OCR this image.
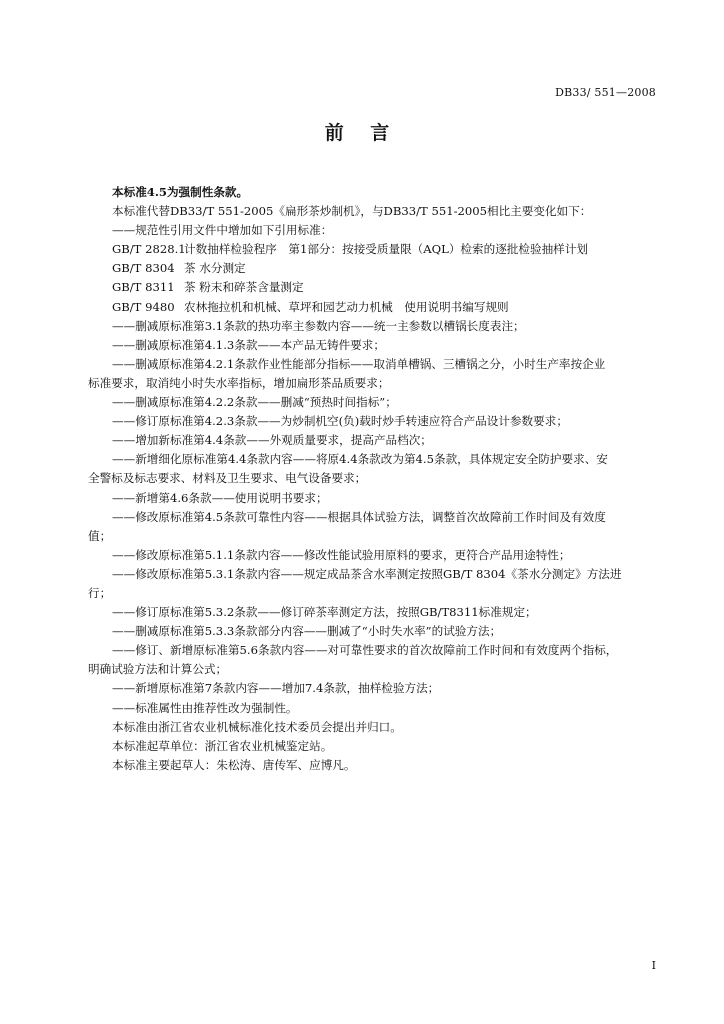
DB33/ 551—2008
前 言
本标准4.5为强制性条款。
本标准代替DB33/T 551-2005《扁形茶炒制机》，与DB33/T 551-2005相比主要变化如下：
——规范性引用文件中增加如下引用标准：
GB/T 2828.1计数抽样检验程序　第1部分：按接受质量限（AQL）检索的逐批检验抽样计划
GB/T 8304 茶 水分测定
GB/T 8311 茶 粉末和碎茶含量测定
GB/T 9480 农林拖拉机和机械、草坪和园艺动力机械　使用说明书编写规则
——删减原标准第3.1条款的热功率主参数内容——统一主参数以槽锅长度表注；
——删减原标准第4.1.3条款——本产品无铸件要求；
——删减原标准第4.2.1条款作业性能部分指标——取消单槽锅、三槽锅之分，小时生产率按企业
标准要求，取消纯小时失水率指标，增加扁形茶品质要求；
——删减原标准第4.2.2条款——删减“预热时间指标”；
——修订原标准第4.2.3条款——为炒制机空(负)载时炒手转速应符合产品设计参数要求；
——增加新标准第4.4条款——外观质量要求，提高产品档次；
——新增细化原标准第4.4条款内容——将原4.4条款改为第4.5条款，具体规定安全防护要求、安
全警标及标志要求、材料及卫生要求、电气设备要求；
——新增第4.6条款——使用说明书要求；
——修改原标准第4.5条款可靠性内容——根据具体试验方法，调整首次故障前工作时间及有效度
值；
——修改原标准第5.1.1条款内容——修改性能试验用原料的要求，更符合产品用途特性；
——修改原标准第5.3.1条款内容——规定成品茶含水率测定按照GB/T 8304《茶水分测定》方法进
行；
——修订原标准第5.3.2条款——修订碎茶率测定方法，按照GB/T8311标准规定；
——删减原标准第5.3.3条款部分内容——删减了“小时失水率”的试验方法；
——修订、新增原标准第5.6条款内容——对可靠性要求的首次故障前工作时间和有效度两个指标，
明确试验方法和计算公式；
——新增原标准第7条款内容——增加7.4条款，抽样检验方法；
——标准属性由推荐性改为强制性。
本标准由浙江省农业机械标准化技术委员会提出并归口。
本标准起草单位：浙江省农业机械鉴定站。
本标准主要起草人：朱松涛、唐传军、应博凡。
I
